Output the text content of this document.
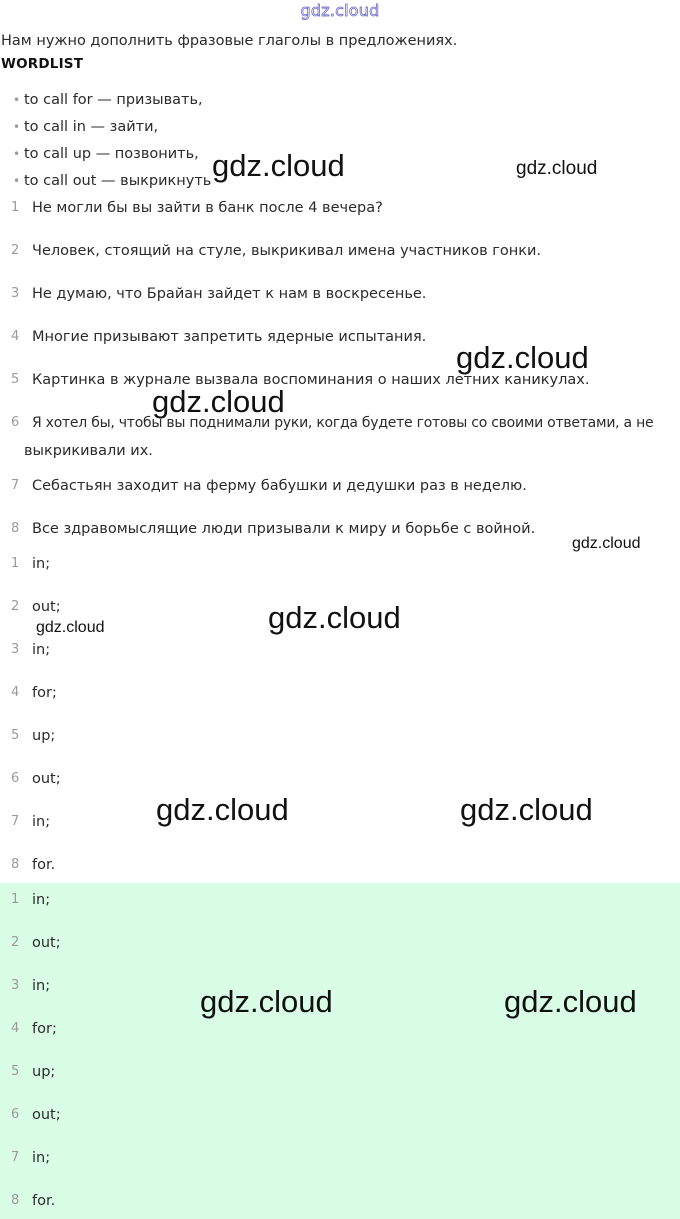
gdz.cloud
Нам нужно дополнить фразовые глаголы в предложениях.
WORDLIST
• to call for — призывать,
• to call in — зайти,
• to call up — позвонить,
• to call out — выкрикнуть
1 Не могли бы вы зайти в банк после 4 вечера?
2 Человек, стоящий на стуле, выкрикивал имена участников гонки.
3 Не думаю, что Брайан зайдет к нам в воскресенье.
4 Многие призывают запретить ядерные испытания.
5 Картинка в журнале вызвала воспоминания о наших летних каникулах.
6 Я хотел бы, чтобы вы поднимали руки, когда будете готовы со своими ответами, а не
выкрикивали их.
7 Себастьян заходит на ферму бабушки и дедушки раз в неделю.
8 Все здравомыслящие люди призывали к миру и борьбе с войной.
1 in;
2 out;
3 in;
4 for;
5 up;
6 out;
7 in;
8 for.
1 in;
2 out;
3 in;
4 for;
5 up;
6 out;
7 in;
8 for.
gdz.cloud	gdz.cloud
gdz.cloud
gdz.cloud
gdz.cloud
gdz.cloud
gdz.cloud
gdz.cloud	gdz.cloud
gdz.cloud	gdz.cloud
